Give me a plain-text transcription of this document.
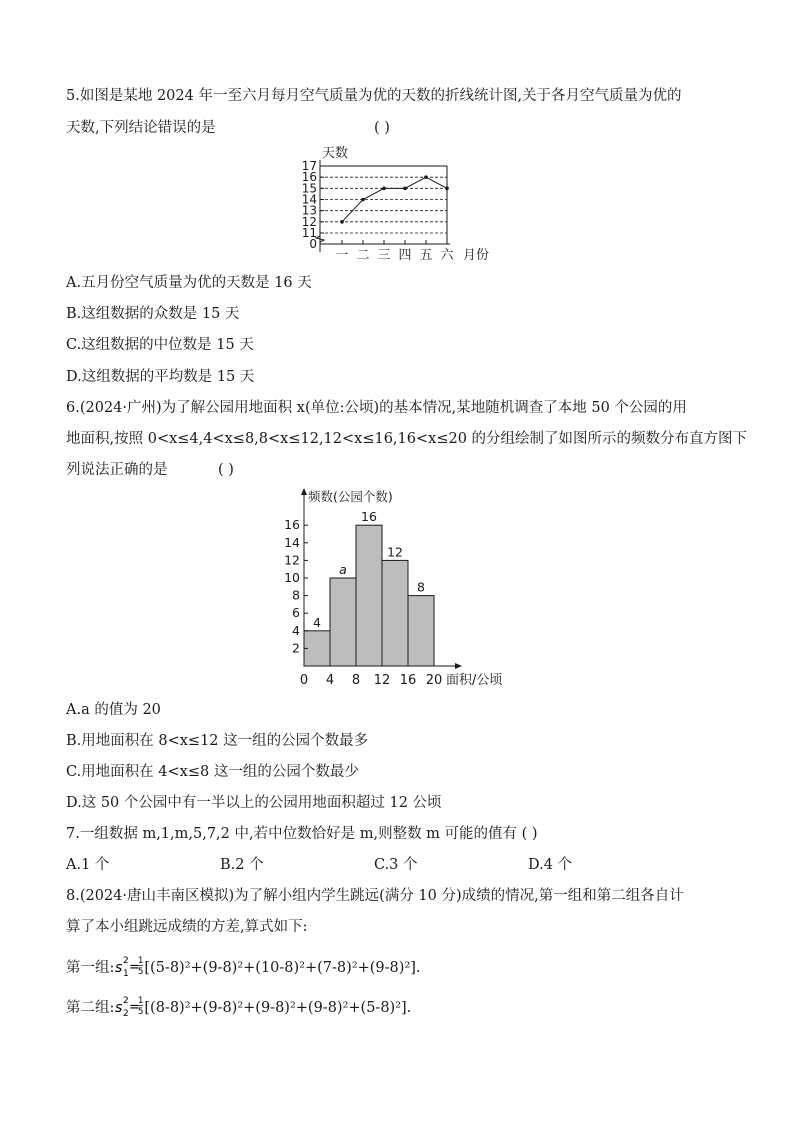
5.如图是某地 2024 年一至六月每月空气质量为优的天数的折线统计图,关于各月空气质量为优的
天数,下列结论错误的是	( )
天数
0
11
12
13
14
15
16
17
一 二 三 四 五 六 月份
A.五月份空气质量为优的天数是 16 天
B.这组数据的众数是 15 天
C.这组数据的中位数是 15 天
D.这组数据的平均数是 15 天
6.(2024·广州)为了解公园用地面积 x(单位:公顷)的基本情况,某地随机调查了本地 50 个公园的用
地面积,按照 0<x≤4,4<x≤8,8<x≤12,12<x≤16,16<x≤20 的分组绘制了如图所示的频数分布直方图下
列说法正确的是	( )
频数(公园个数)
2
4
6
8
10
12
14
16
0 4 8 12 16 20
4
a
16
12
8
面积/公顷
A.a 的值为 20
B.用地面积在 8<x≤12 这一组的公园个数最多
C.用地面积在 4<x≤8 这一组的公园个数最少
D.这 50 个公园中有一半以上的公园用地面积超过 12 公顷
7.一组数据 m,1,m,5,7,2 中,若中位数恰好是 m,则整数 m 可能的值有 ( )
A.1 个	B.2 个	C.3 个	D.4 个
8.(2024·唐山丰南区模拟)为了解小组内学生跳远(满分 10 分)成绩的情况,第一组和第二组各自计
算了本小组跳远成绩的方差,算式如下:
第一组: s 2
1 =
1
5 [(5-8)²+(9-8)²+(10-8)²+(7-8)²+(9-8)²].
第二组: s 2
2 =
1
5 [(8-8)²+(9-8)²+(9-8)²+(9-8)²+(5-8)²].
